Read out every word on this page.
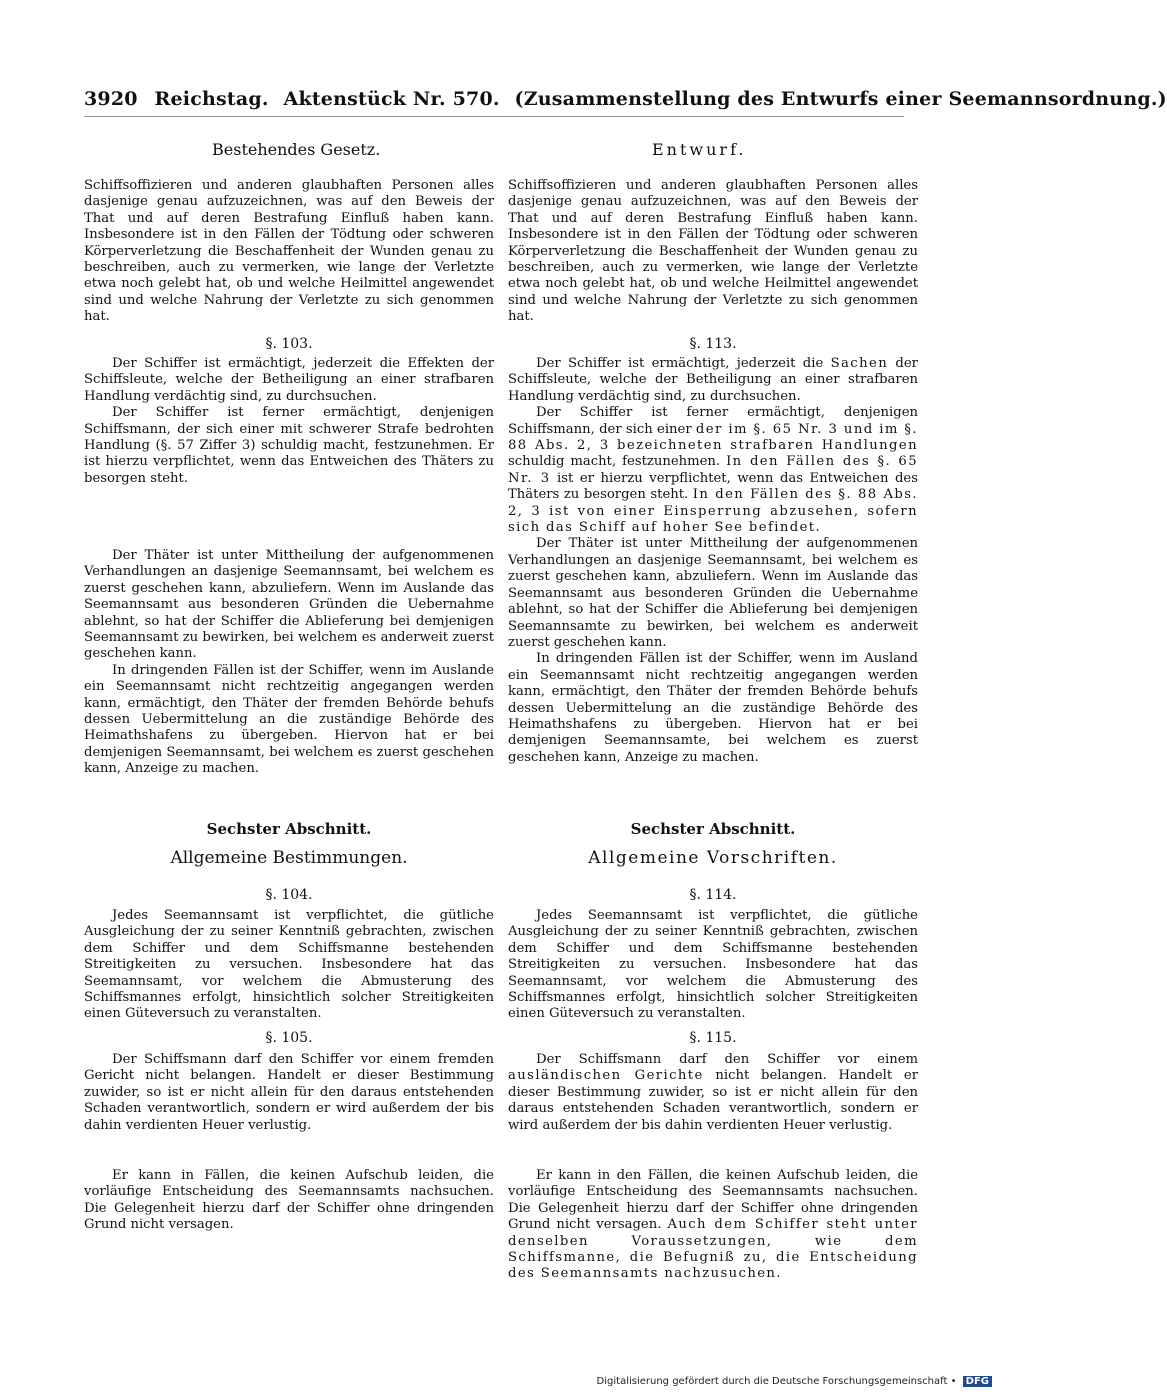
3920 Reichstag. Aktenstück Nr. 570. (Zusammenstellung des Entwurfs einer Seemannsordnung.)
Bestehendes Gesetz.

Schiffsoffizieren und anderen glaubhaften Personen alles dasjenige genau aufzuzeichnen, was auf den Beweis der That und auf deren Bestrafung Einfluß haben kann. Insbesondere ist in den Fällen der Tödtung oder schweren Körperverletzung die Beschaffenheit der Wunden genau zu beschreiben, auch zu vermerken, wie lange der Verletzte etwa noch gelebt hat, ob und welche Heilmittel angewendet sind und welche Nahrung der Verletzte zu sich genommen hat.

§. 103.

Der Schiffer ist ermächtigt, jederzeit die Effekten der Schiffsleute, welche der Betheiligung an einer strafbaren Handlung verdächtig sind, zu durchsuchen.

Der Schiffer ist ferner ermächtigt, denjenigen Schiffsmann, der sich einer mit schwerer Strafe bedrohten Handlung (§. 57 Ziffer 3) schuldig macht, festzunehmen. Er ist hierzu verpflichtet, wenn das Entweichen des Thäters zu besorgen steht.

Der Thäter ist unter Mittheilung der aufgenommenen Verhandlungen an dasjenige Seemannsamt, bei welchem es zuerst geschehen kann, abzuliefern. Wenn im Auslande das Seemannsamt aus besonderen Gründen die Uebernahme ablehnt, so hat der Schiffer die Ablieferung bei demjenigen Seemannsamt zu bewirken, bei welchem es anderweit zuerst geschehen kann.

In dringenden Fällen ist der Schiffer, wenn im Auslande ein Seemannsamt nicht rechtzeitig angegangen werden kann, ermächtigt, den Thäter der fremden Behörde behufs dessen Uebermittelung an die zuständige Behörde des Heimathshafens zu übergeben. Hiervon hat er bei demjenigen Seemannsamt, bei welchem es zuerst geschehen kann, Anzeige zu machen.

Sechster Abschnitt.
Allgemeine Bestimmungen.
§. 104.

Jedes Seemannsamt ist verpflichtet, die gütliche Ausgleichung der zu seiner Kenntniß gebrachten, zwischen dem Schiffer und dem Schiffsmanne bestehenden Streitigkeiten zu versuchen. Insbesondere hat das Seemannsamt, vor welchem die Abmusterung des Schiffsmannes erfolgt, hinsichtlich solcher Streitigkeiten einen Güteversuch zu veranstalten.

§. 105.

Der Schiffsmann darf den Schiffer vor einem fremden Gericht nicht belangen. Handelt er dieser Bestimmung zuwider, so ist er nicht allein für den daraus entstehenden Schaden verantwortlich, sondern er wird außerdem der bis dahin verdienten Heuer verlustig.

Er kann in Fällen, die keinen Aufschub leiden, die vorläufige Entscheidung des Seemannsamts nachsuchen. Die Gelegenheit hierzu darf der Schiffer ohne dringenden Grund nicht versagen.

Entwurf.

Schiffsoffizieren und anderen glaubhaften Personen alles dasjenige genau aufzuzeichnen, was auf den Beweis der That und auf deren Bestrafung Einfluß haben kann. Insbesondere ist in den Fällen der Tödtung oder schweren Körperverletzung die Beschaffenheit der Wunden genau zu beschreiben, auch zu vermerken, wie lange der Verletzte etwa noch gelebt hat, ob und welche Heilmittel angewendet sind und welche Nahrung der Verletzte zu sich genommen hat.

§. 113.

Der Schiffer ist ermächtigt, jederzeit die Sachen der Schiffsleute, welche der Betheiligung an einer strafbaren Handlung verdächtig sind, zu durchsuchen.

Der Schiffer ist ferner ermächtigt, denjenigen Schiffsmann, der sich einer der im §. 65 Nr. 3 und im §. 88 Abs. 2, 3 bezeichneten strafbaren Handlungen schuldig macht, festzunehmen. In den Fällen des §. 65 Nr. 3 ist er hierzu verpflichtet, wenn das Entweichen des Thäters zu besorgen steht. In den Fällen des §. 88 Abs. 2, 3 ist von einer Einsperrung abzusehen, sofern sich das Schiff auf hoher See befindet.

Der Thäter ist unter Mittheilung der aufgenommenen Verhandlungen an dasjenige Seemannsamt, bei welchem es zuerst geschehen kann, abzuliefern. Wenn im Auslande das Seemannsamt aus besonderen Gründen die Uebernahme ablehnt, so hat der Schiffer die Ablieferung bei demjenigen Seemannsamte zu bewirken, bei welchem es anderweit zuerst geschehen kann.

In dringenden Fällen ist der Schiffer, wenn im Ausland ein Seemannsamt nicht rechtzeitig angegangen werden kann, ermächtigt, den Thäter der fremden Behörde behufs dessen Uebermittelung an die zuständige Behörde des Heimathshafens zu übergeben. Hiervon hat er bei demjenigen Seemannsamte, bei welchem es zuerst geschehen kann, Anzeige zu machen.

Sechster Abschnitt.
Allgemeine Vorschriften.
§. 114.

Jedes Seemannsamt ist verpflichtet, die gütliche Ausgleichung der zu seiner Kenntniß gebrachten, zwischen dem Schiffer und dem Schiffsmanne bestehenden Streitigkeiten zu versuchen. Insbesondere hat das Seemannsamt, vor welchem die Abmusterung des Schiffsmannes erfolgt, hinsichtlich solcher Streitigkeiten einen Güteversuch zu veranstalten.

§. 115.

Der Schiffsmann darf den Schiffer vor einem ausländischen Gerichte nicht belangen. Handelt er dieser Bestimmung zuwider, so ist er nicht allein für den daraus entstehenden Schaden verantwortlich, sondern er wird außerdem der bis dahin verdienten Heuer verlustig.

Er kann in den Fällen, die keinen Aufschub leiden, die vorläufige Entscheidung des Seemannsamts nachsuchen. Die Gelegenheit hierzu darf der Schiffer ohne dringenden Grund nicht versagen. Auch dem Schiffer steht unter denselben Voraussetzungen, wie dem Schiffsmanne, die Befugniß zu, die Entscheidung des Seemannsamts nachzusuchen.

Digitalisierung gefördert durch die Deutsche Forschungsgemeinschaft • DFG
